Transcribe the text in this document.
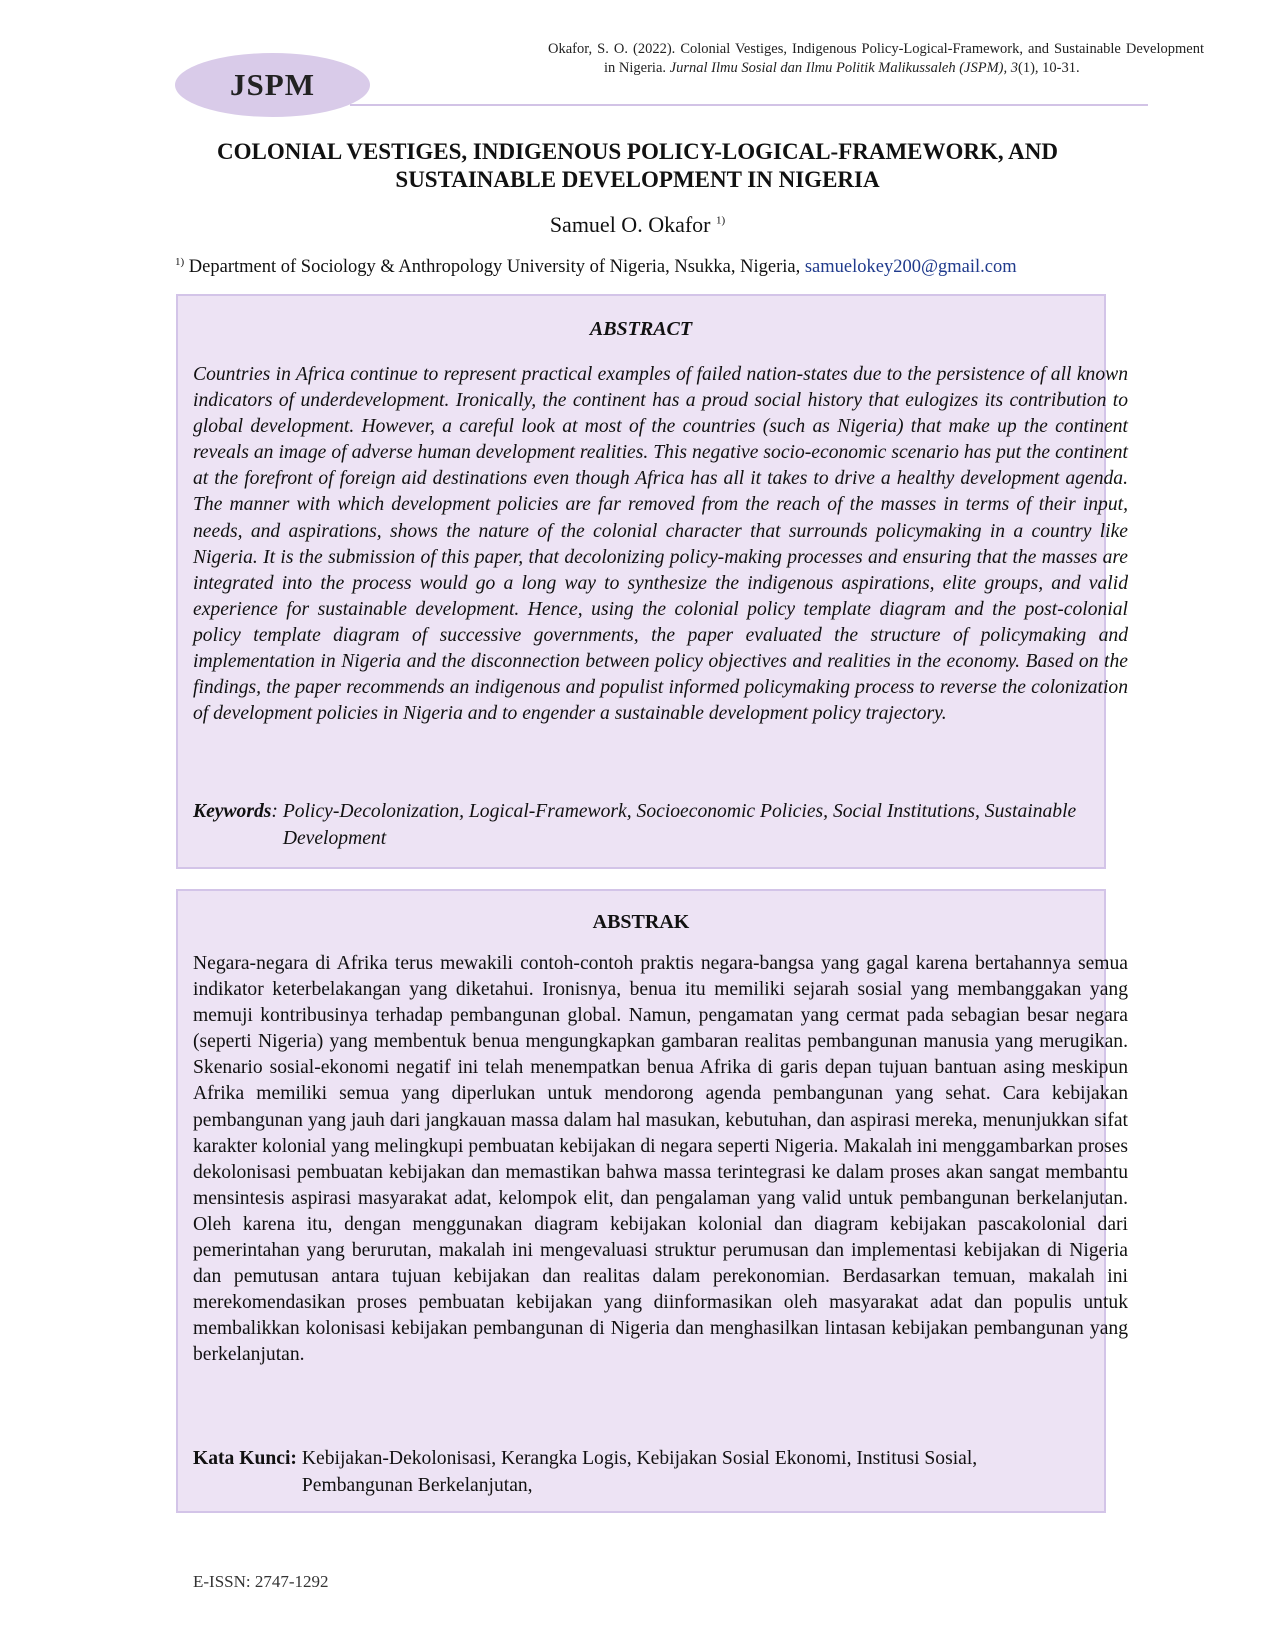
JSPM
Okafor, S. O. (2022). Colonial Vestiges, Indigenous Policy-Logical-Framework, and Sustainable Development in Nigeria. Jurnal Ilmu Sosial dan Ilmu Politik Malikussaleh (JSPM), 3(1), 10-31.
COLONIAL VESTIGES, INDIGENOUS POLICY-LOGICAL-FRAMEWORK, AND SUSTAINABLE DEVELOPMENT IN NIGERIA
Samuel O. Okafor $^{1)}$
$^{1)}$ Department of Sociology & Anthropology University of Nigeria, Nsukka, Nigeria, samuelokey200@gmail.com
ABSTRACT

Countries in Africa continue to represent practical examples of failed nation-states due to the persistence of all known indicators of underdevelopment. Ironically, the continent has a proud social history that eulogizes its contribution to global development. However, a careful look at most of the countries (such as Nigeria) that make up the continent reveals an image of adverse human development realities. This negative socio-economic scenario has put the continent at the forefront of foreign aid destinations even though Africa has all it takes to drive a healthy development agenda. The manner with which development policies are far removed from the reach of the masses in terms of their input, needs, and aspirations, shows the nature of the colonial character that surrounds policymaking in a country like Nigeria. It is the submission of this paper, that decolonizing policy-making processes and ensuring that the masses are integrated into the process would go a long way to synthesize the indigenous aspirations, elite groups, and valid experience for sustainable development. Hence, using the colonial policy template diagram and the post-colonial policy template diagram of successive governments, the paper evaluated the structure of policymaking and implementation in Nigeria and the disconnection between policy objectives and realities in the economy. Based on the findings, the paper recommends an indigenous and populist informed policymaking process to reverse the colonization of development policies in Nigeria and to engender a sustainable development policy trajectory.

Keywords: Policy-Decolonization, Logical-Framework, Socioeconomic Policies, Social Institutions, Sustainable Development
ABSTRAK

Negara-negara di Afrika terus mewakili contoh-contoh praktis negara-bangsa yang gagal karena bertahannya semua indikator keterbelakangan yang diketahui. Ironisnya, benua itu memiliki sejarah sosial yang membanggakan yang memuji kontribusinya terhadap pembangunan global. Namun, pengamatan yang cermat pada sebagian besar negara (seperti Nigeria) yang membentuk benua mengungkapkan gambaran realitas pembangunan manusia yang merugikan. Skenario sosial-ekonomi negatif ini telah menempatkan benua Afrika di garis depan tujuan bantuan asing meskipun Afrika memiliki semua yang diperlukan untuk mendorong agenda pembangunan yang sehat. Cara kebijakan pembangunan yang jauh dari jangkauan massa dalam hal masukan, kebutuhan, dan aspirasi mereka, menunjukkan sifat karakter kolonial yang melingkupi pembuatan kebijakan di negara seperti Nigeria. Makalah ini menggambarkan proses dekolonisasi pembuatan kebijakan dan memastikan bahwa massa terintegrasi ke dalam proses akan sangat membantu mensintesis aspirasi masyarakat adat, kelompok elit, dan pengalaman yang valid untuk pembangunan berkelanjutan. Oleh karena itu, dengan menggunakan diagram kebijakan kolonial dan diagram kebijakan pascakolonial dari pemerintahan yang berurutan, makalah ini mengevaluasi struktur perumusan dan implementasi kebijakan di Nigeria dan pemutusan antara tujuan kebijakan dan realitas dalam perekonomian. Berdasarkan temuan, makalah ini merekomendasikan proses pembuatan kebijakan yang diinformasikan oleh masyarakat adat dan populis untuk membalikkan kolonisasi kebijakan pembangunan di Nigeria dan menghasilkan lintasan kebijakan pembangunan yang berkelanjutan.

Kata Kunci: Kebijakan-Dekolonisasi, Kerangka Logis, Kebijakan Sosial Ekonomi, Institusi Sosial, Pembangunan Berkelanjutan,
E-ISSN: 2747-1292
